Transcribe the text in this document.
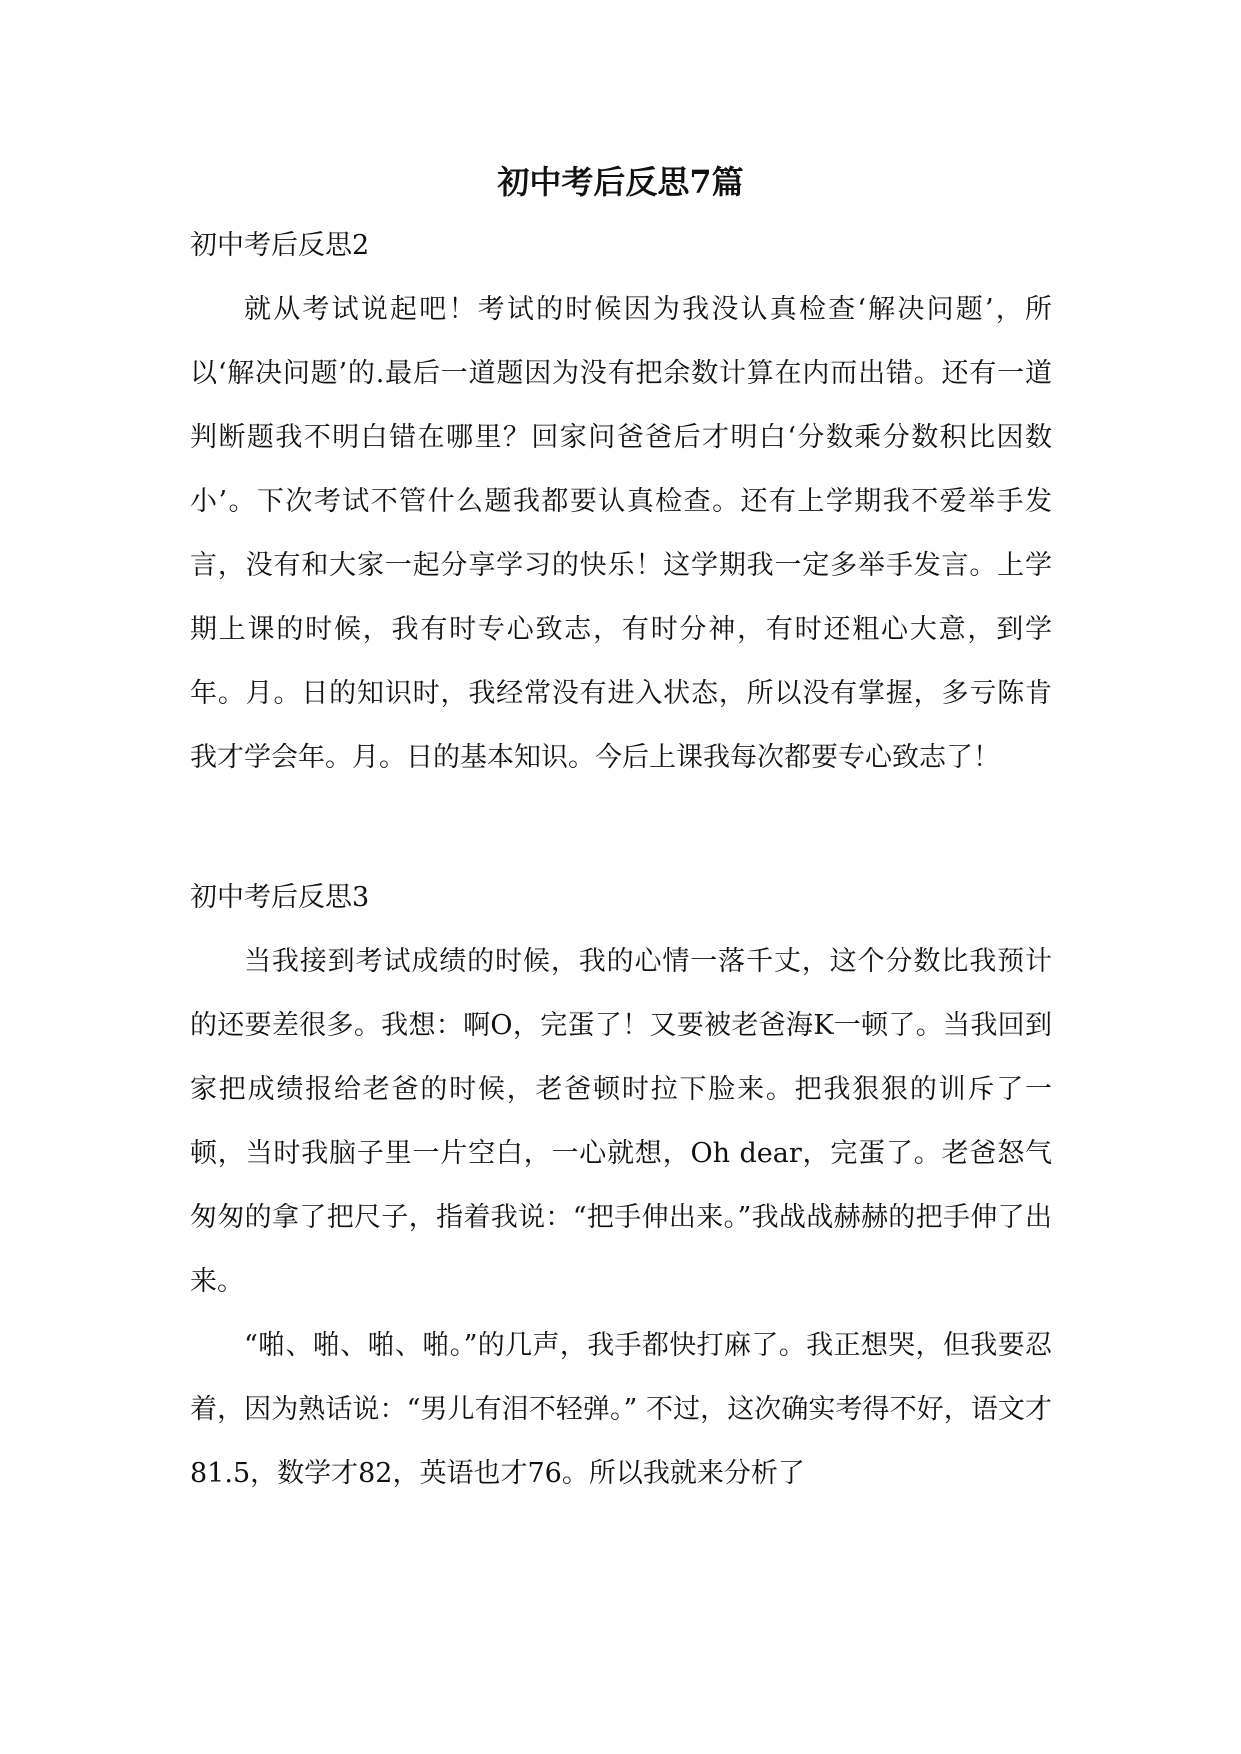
初中考后反思7篇

初中考后反思2

就从考试说起吧！考试的时候因为我没认真检查‘解决问题’，所以‘解决问题’的.最后一道题因为没有把余数计算在内而出错。还有一道判断题我不明白错在哪里？回家问爸爸后才明白‘分数乘分数积比因数小’。下次考试不管什么题我都要认真检查。还有上学期我不爱举手发言，没有和大家一起分享学习的快乐！这学期我一定多举手发言。上学期上课的时候，我有时专心致志，有时分神，有时还粗心大意，到学年。月。日的知识时，我经常没有进入状态，所以没有掌握，多亏陈肯我才学会年。月。日的基本知识。今后上课我每次都要专心致志了！

初中考后反思3

当我接到考试成绩的时候，我的心情一落千丈，这个分数比我预计的还要差很多。我想：啊O，完蛋了！又要被老爸海K一顿了。当我回到家把成绩报给老爸的时候，老爸顿时拉下脸来。把我狠狠的训斥了一顿，当时我脑子里一片空白，一心就想，Oh dear，完蛋了。老爸怒气匆匆的拿了把尺子，指着我说：“把手伸出来。”我战战赫赫的把手伸了出来。

“啪、啪、啪、啪。”的几声，我手都快打麻了。我正想哭，但我要忍着，因为熟话说：“男儿有泪不轻弹。” 不过，这次确实考得不好，语文才81.5，数学才82，英语也才76。所以我就来分析了
